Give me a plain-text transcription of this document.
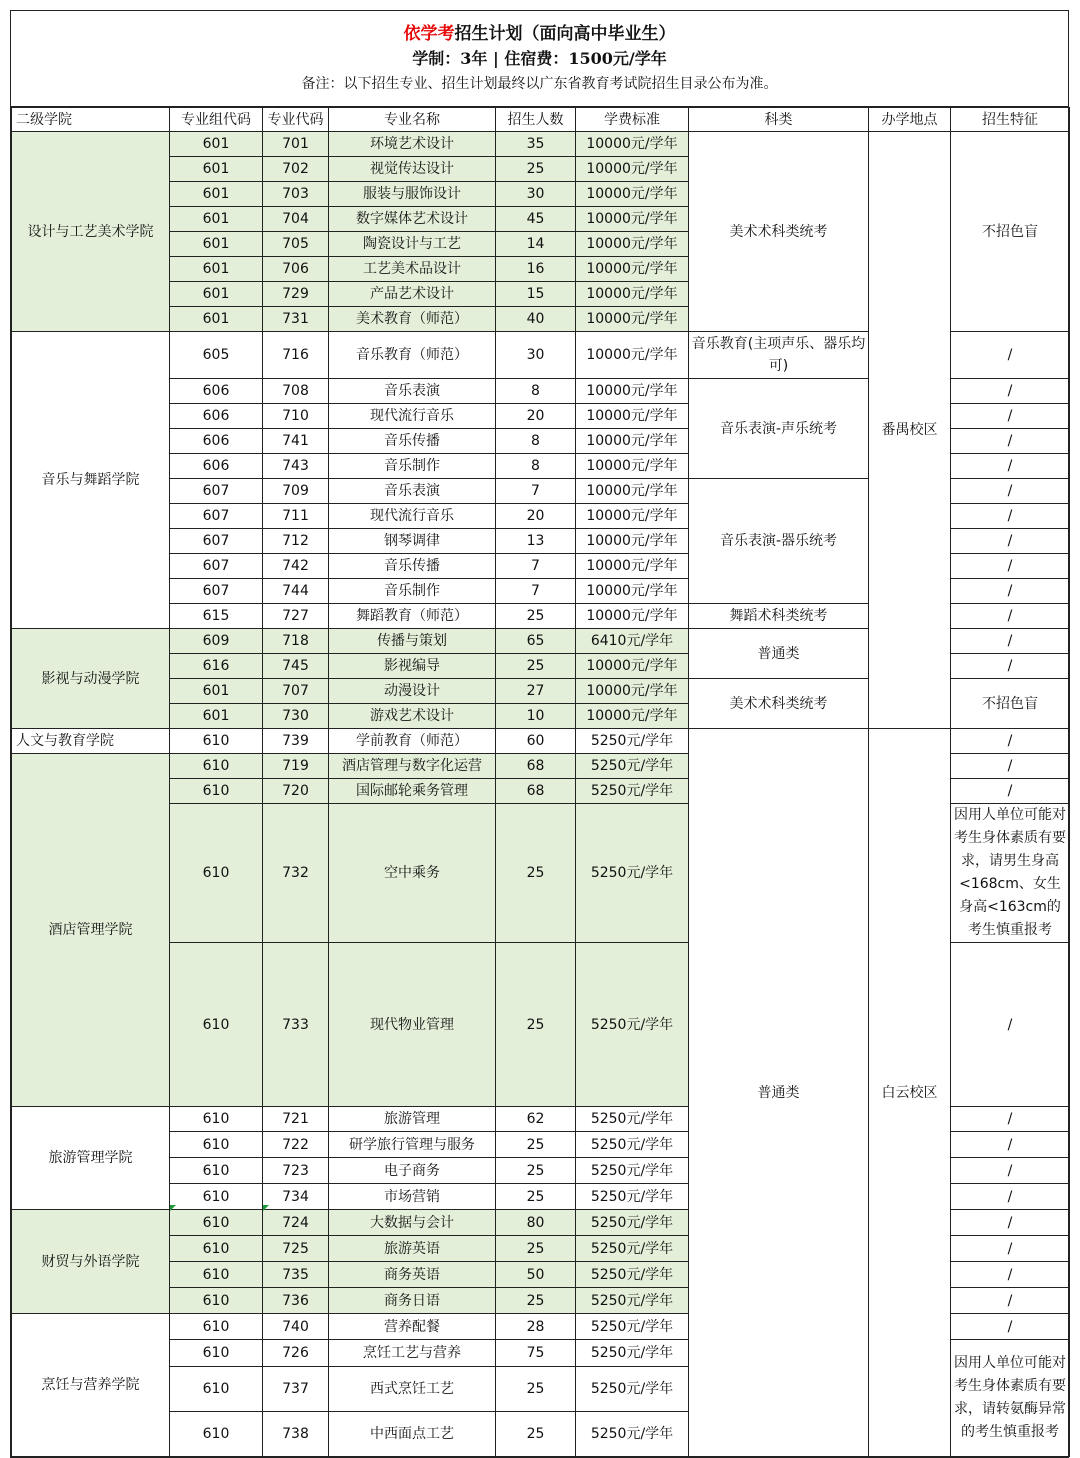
依学考招生计划（面向高中毕业生）
学制：3年 | 住宿费：1500元/学年
备注：以下招生专业、招生计划最终以广东省教育考试院招生目录公布为准。
二级学院	专业组代码	专业代码	专业名称	招生人数	学费标准	科类	办学地点	招生特征
设计与工艺美术学院	601	701	环境艺术设计	35	10000元/学年	美术术科类统考	番禺校区	不招色盲
	601	702	视觉传达设计	25	10000元/学年			
	601	703	服装与服饰设计	30	10000元/学年			
	601	704	数字媒体艺术设计	45	10000元/学年			
	601	705	陶瓷设计与工艺	14	10000元/学年			
	601	706	工艺美术品设计	16	10000元/学年			
	601	729	产品艺术设计	15	10000元/学年			
	601	731	美术教育（师范）	40	10000元/学年			
音乐与舞蹈学院	605	716	音乐教育（师范）	30	10000元/学年	音乐教育(主项声乐、器乐均可)		/
	606	708	音乐表演	8	10000元/学年	音乐表演-声乐统考		/
	606	710	现代流行音乐	20	10000元/学年			/
	606	741	音乐传播	8	10000元/学年			/
	606	743	音乐制作	8	10000元/学年			/
	607	709	音乐表演	7	10000元/学年	音乐表演-器乐统考		/
	607	711	现代流行音乐	20	10000元/学年			/
	607	712	钢琴调律	13	10000元/学年			/
	607	742	音乐传播	7	10000元/学年			/
	607	744	音乐制作	7	10000元/学年			/
	615	727	舞蹈教育（师范）	25	10000元/学年	舞蹈术科类统考		/
影视与动漫学院	609	718	传播与策划	65	6410元/学年	普通类		/
	616	745	影视编导	25	10000元/学年			/
	601	707	动漫设计	27	10000元/学年	美术术科类统考		不招色盲
	601	730	游戏艺术设计	10	10000元/学年			
人文与教育学院	610	739	学前教育（师范）	60	5250元/学年	普通类	白云校区	/
酒店管理学院	610	719	酒店管理与数字化运营	68	5250元/学年			/
	610	720	国际邮轮乘务管理	68	5250元/学年			/
	610	732	空中乘务	25	5250元/学年			因用人单位可能对考生身体素质有要求，请男生身高<168cm、女生身高<163cm的考生慎重报考
	610	733	现代物业管理	25	5250元/学年			/
旅游管理学院	610	721	旅游管理	62	5250元/学年			/
	610	722	研学旅行管理与服务	25	5250元/学年			/
	610	723	电子商务	25	5250元/学年			/
	610	734	市场营销	25	5250元/学年			/
财贸与外语学院	610	724	大数据与会计	80	5250元/学年			/
	610	725	旅游英语	25	5250元/学年			/
	610	735	商务英语	50	5250元/学年			/
	610	736	商务日语	25	5250元/学年			/
烹饪与营养学院	610	740	营养配餐	28	5250元/学年			/
	610	726	烹饪工艺与营养	75	5250元/学年			因用人单位可能对考生身体素质有要求，请转氨酶异常的考生慎重报考
	610	737	西式烹饪工艺	25	5250元/学年			
	610	738	中西面点工艺	25	5250元/学年			
